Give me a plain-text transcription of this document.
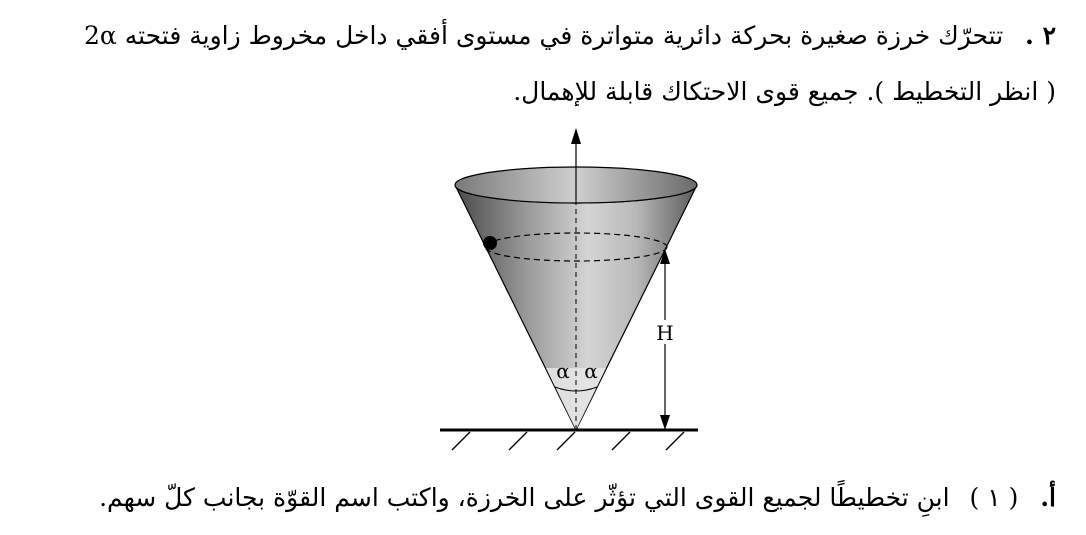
٢ . تتحرّك خرزة صغيرة بحركة دائرية متواترة في مستوى أفقي داخل مخروط زاوية فتحته 2α
( انظر التخطيط ). جميع قوى الاحتكاك قابلة للإهمال.
α α
H
أ. ( ١ ) ابنِ تخطيطًا لجميع القوى التي تؤثّر على الخرزة، واكتب اسم القوّة بجانب كلّ سهم.
